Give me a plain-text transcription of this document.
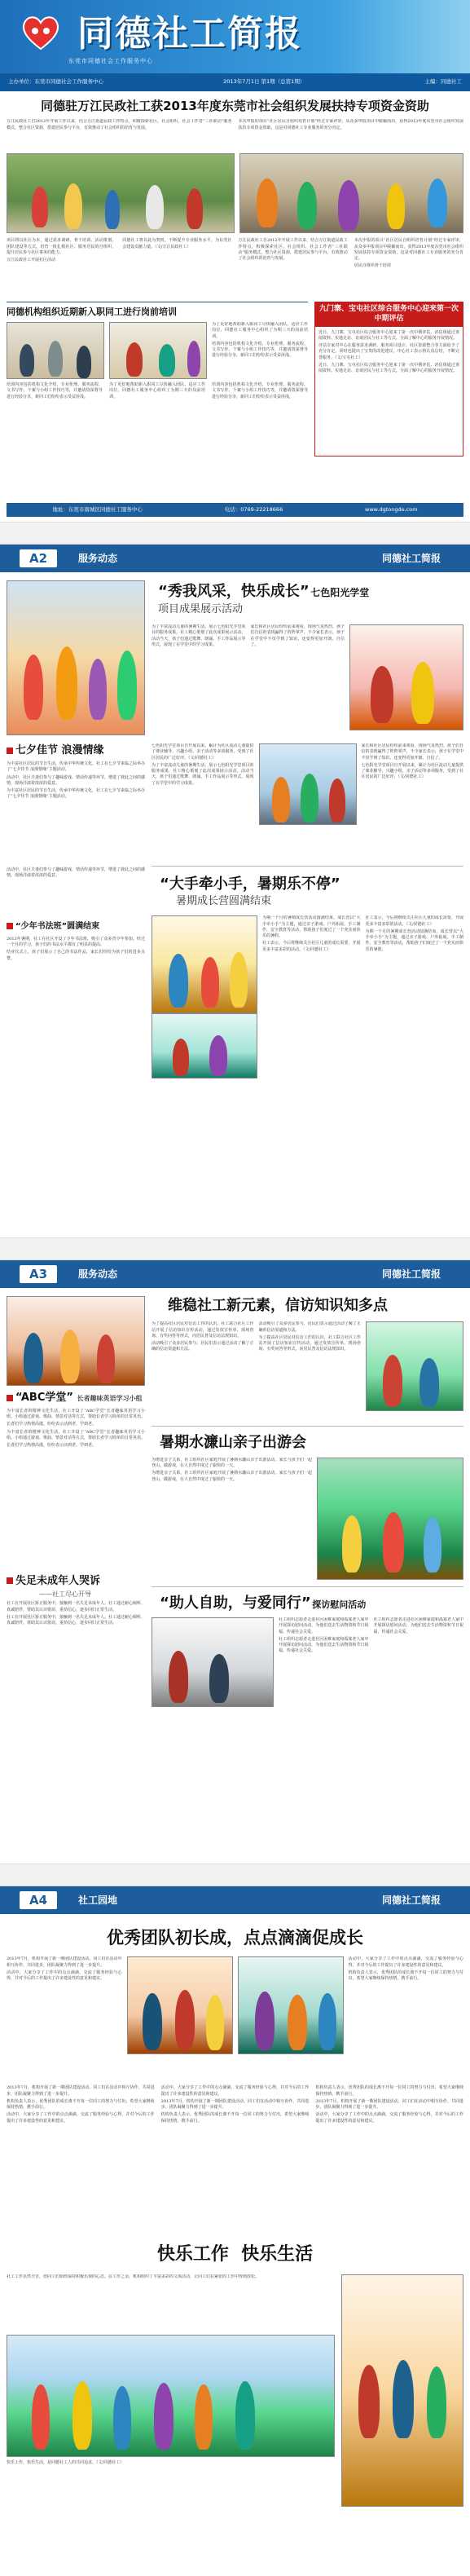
同德社工简报
东莞市同德社会工作服务中心
主办单位：东莞市同德社会工作服务中心	2013年7月1日 第1期（总第1期）	主编：同德社工
同德驻万江民政社工获2013年度东莞市社会组织发展扶持专项资金资助

万江民政社工自2012年开展工作以来，结合万江街道民政工作特点，积极探索社区、社会组织、社会工作者“三社联动”服务模式，整合社区资源，搭建居民参与平台，有效推动了社会组织的培育与发展。

本次申报的项目“社区居民自组织培育计划”经过专家评审，从众多申报项目中脱颖而出，获得2013年度东莞市社会组织发展扶持专项资金资助，这是对同德社工专业服务的充分肯定。

项目将以社区为本，通过需求调研、骨干培训、活动策划、团队建设等方式，培育一批扎根社区、服务居民的自组织，提升居民参与社区事务的能力。

万江民政社工开展社区活动

同德社工将以此为契机，不断提升专业服务水平，为东莞社会建设贡献力量。（文/万江民政社工）

万江民政社工自2012年开展工作以来，结合万江街道民政工作特点，积极探索社区、社会组织、社会工作者“三社联动”服务模式，整合社区资源，搭建居民参与平台，有效推动了社会组织的培育与发展。

本次申报的项目“社区居民自组织培育计划”经过专家评审，从众多申报项目中脱颖而出，获得2013年度东莞市社会组织发展扶持专项资金资助，这是对同德社工专业服务的充分肯定。

居民自组织骨干培训

同德机构组织近期新入职同工进行岗前培训

为了更好地帮助新入职同工尽快融入团队、适应工作岗位，同德社工服务中心组织了为期三天的岗前培训。

培训内容包括机构文化介绍、专业伦理、服务流程、文书写作、个案与小组工作技巧等，并邀请资深督导进行经验分享，新同工们纷纷表示受益匪浅。

培训内容包括机构文化介绍、专业伦理、服务流程、文书写作、个案与小组工作技巧等，并邀请资深督导进行经验分享，新同工们纷纷表示受益匪浅。

为了更好地帮助新入职同工尽快融入团队、适应工作岗位，同德社工服务中心组织了为期三天的岗前培训。

培训内容包括机构文化介绍、专业伦理、服务流程、文书写作、个案与小组工作技巧等，并邀请资深督导进行经验分享，新同工们纷纷表示受益匪浅。

九门寨、宝屯社区综合服务中心迎来第一次中期评估

近日，九门寨、宝屯社区综合服务中心迎来了第一次中期评估。评估组通过查阅资料、实地走访、访谈居民与社工等方式，全面了解中心的服务开展情况。

评估专家对中心在服务需求调研、服务项目设计、社区资源整合等方面给予了充分肯定，同时也提出了宝贵的改进建议。中心社工表示将认真总结，不断完善服务。（文/宝屯社工）

近日，九门寨、宝屯社区综合服务中心迎来了第一次中期评估。评估组通过查阅资料、实地走访、访谈居民与社工等方式，全面了解中心的服务开展情况。

地址：东莞市南城区同德社工服务中心	电话：0769-22218666	www.dgtongde.com
A2	服务动态	同德社工简报
“秀我风采，快乐成长” 七色阳光学堂
项目成果展示活动

为了丰富流动儿童的暑期生活，展示七色阳光学堂项目的服务成果，社工精心策划了此次成果展示活动。活动当天，孩子们通过歌舞、朗诵、手工作品展示等形式，展现了在学堂中的学习成果。

家长和社区居民纷纷前来观看，现场气氛热烈。孩子们自信的表现赢得了阵阵掌声，不少家长表示，孩子在学堂中不仅学到了知识，还变得更加开朗、自信了。

七夕佳节 浪漫情缘

为丰富社区居民的节日生活，传承中华传统文化，社工在七夕节来临之际举办了“七夕佳节 浪漫情缘”主题活动。

活动中，社区夫妻们参与了趣味游戏、情话传递等环节，增进了彼此之间的感情，现场洋溢着浓浓的爱意。

为丰富社区居民的节日生活，传承中华传统文化，社工在七夕节来临之际举办了“七夕佳节 浪漫情缘”主题活动。

活动中，社区夫妻们参与了趣味游戏、情话传递等环节，增进了彼此之间的感情，现场洋溢着浓浓的爱意。

“少年书法班”圆满结束

2013年暑期，社工在社区开设了少年书法班，吸引了众多青少年参加。经过一个月的学习，孩子们的书法水平都有了明显的提高。

结业仪式上，孩子们展示了自己的书法作品，家长们纷纷为孩子们的进步点赞。

七色阳光学堂项目自开展以来，累计为社区流动儿童提供了课业辅导、兴趣小组、亲子活动等多项服务，受到了社区居民的广泛好评。（文/同德社工）

为了丰富流动儿童的暑期生活，展示七色阳光学堂项目的服务成果，社工精心策划了此次成果展示活动。活动当天，孩子们通过歌舞、朗诵、手工作品展示等形式，展现了在学堂中的学习成果。

家长和社区居民纷纷前来观看，现场气氛热烈。孩子们自信的表现赢得了阵阵掌声，不少家长表示，孩子在学堂中不仅学到了知识，还变得更加开朗、自信了。

七色阳光学堂项目自开展以来，累计为社区流动儿童提供了课业辅导、兴趣小组、亲子活动等多项服务，受到了社区居民的广泛好评。（文/同德社工）

“大手牵小手，暑期乐不停”
暑期成长营圆满结束

为期一个月的暑期成长营活动圆满结束。成长营以“大手牵小手”为主题，通过亲子游戏、户外拓展、手工制作、安全教育等活动，帮助孩子们度过了一个充实而快乐的暑假。

社工表示，今后将继续关注社区儿童的成长需要，开展更多丰富多彩的活动。（文/同德社工）

社工表示，今后将继续关注社区儿童的成长需要，开展更多丰富多彩的活动。（文/同德社工）

为期一个月的暑期成长营活动圆满结束。成长营以“大手牵小手”为主题，通过亲子游戏、户外拓展、手工制作、安全教育等活动，帮助孩子们度过了一个充实而快乐的暑假。

A3	服务动态	同德社工简报
“ABC学堂” 长者趣味英语学习小组

为丰富长者的精神文化生活，社工开设了“ABC学堂”长者趣味英语学习小组。小组通过游戏、歌曲、情景对话等方式，帮助长者学习简单的日常英语。

长者们学习热情高涨，纷纷表示活到老、学到老。

为丰富长者的精神文化生活，社工开设了“ABC学堂”长者趣味英语学习小组。小组通过游戏、歌曲、情景对话等方式，帮助长者学习简单的日常英语。

长者们学习热情高涨，纷纷表示活到老、学到老。

失足未成年人哭诉
——社工尽心开导

社工在开展社区矫正服务中，接触到一名失足未成年人。社工通过耐心倾听、真诚陪伴，帮助其认识错误、重拾信心，逐步回归正常生活。

社工在开展社区矫正服务中，接触到一名失足未成年人。社工通过耐心倾听、真诚陪伴，帮助其认识错误、重拾信心，逐步回归正常生活。

维稳社工新元素，信访知识知多点

为了提高社区居民对信访工作的认识，社工联合社区工作站开展了信访知识宣传活动，通过发放宣传单、现场咨询、有奖问答等形式，向居民普及信访法规知识。

活动吸引了众多居民参与，居民们表示通过活动了解了正确的信访渠道和方法。

活动吸引了众多居民参与，居民们表示通过活动了解了正确的信访渠道和方法。

为了提高社区居民对信访工作的认识，社工联合社区工作站开展了信访知识宣传活动，通过发放宣传单、现场咨询、有奖问答等形式，向居民普及信访法规知识。

暑期水濂山亲子出游会

为增进亲子关系，社工组织社区家庭开展了暑期水濂山亲子出游活动。家长与孩子们一起登山、做游戏，在大自然中度过了愉快的一天。

为增进亲子关系，社工组织社区家庭开展了暑期水濂山亲子出游活动。家长与孩子们一起登山、做游戏，在大自然中度过了愉快的一天。

“助人自助，与爱同行” 探访慰问活动

社工组织志愿者走进社区困难家庭和孤寡老人家中开展探访慰问活动，为他们送去生活物资和节日祝福，传递社会关爱。

社工组织志愿者走进社区困难家庭和孤寡老人家中开展探访慰问活动，为他们送去生活物资和节日祝福，传递社会关爱。

社工组织志愿者走进社区困难家庭和孤寡老人家中开展探访慰问活动，为他们送去生活物资和节日祝福，传递社会关爱。

A4	社工园地	同德社工简报
优秀团队初长成，点点滴滴促成长

2013年7月，机构开展了新一期团队建设活动。同工们在活动中相互协作、共同进步，团队凝聚力得到了进一步提升。

活动中，大家分享了工作中的点点滴滴，交流了服务经验与心得，并对今后的工作提出了许多建设性的意见和建议。

活动中，大家分享了工作中的点点滴滴，交流了服务经验与心得，并对今后的工作提出了许多建设性的意见和建议。

机构负责人表示，优秀团队的成长离不开每一位同工的努力与付出，希望大家继续保持热情，携手前行。

2013年7月，机构开展了新一期团队建设活动。同工们在活动中相互协作、共同进步，团队凝聚力得到了进一步提升。

机构负责人表示，优秀团队的成长离不开每一位同工的努力与付出，希望大家继续保持热情，携手前行。

活动中，大家分享了工作中的点点滴滴，交流了服务经验与心得，并对今后的工作提出了许多建设性的意见和建议。

活动中，大家分享了工作中的点点滴滴，交流了服务经验与心得，并对今后的工作提出了许多建设性的意见和建议。

2013年7月，机构开展了新一期团队建设活动。同工们在活动中相互协作、共同进步，团队凝聚力得到了进一步提升。

机构负责人表示，优秀团队的成长离不开每一位同工的努力与付出，希望大家继续保持热情，携手前行。

机构负责人表示，优秀团队的成长离不开每一位同工的努力与付出，希望大家继续保持热情，携手前行。

2013年7月，机构开展了新一期团队建设活动。同工们在活动中相互协作、共同进步，团队凝聚力得到了进一步提升。

活动中，大家分享了工作中的点点滴滴，交流了服务经验与心得，并对今后的工作提出了许多建设性的意见和建议。

快乐工作  快乐生活

社工工作虽然辛苦，但同工们始终保持积极乐观的心态。在工作之余，机构组织了丰富多彩的文体活动，让同工们在紧张的工作中得到放松。

快乐工作，快乐生活，是同德社工人的共同追求。（文/同德社工）
